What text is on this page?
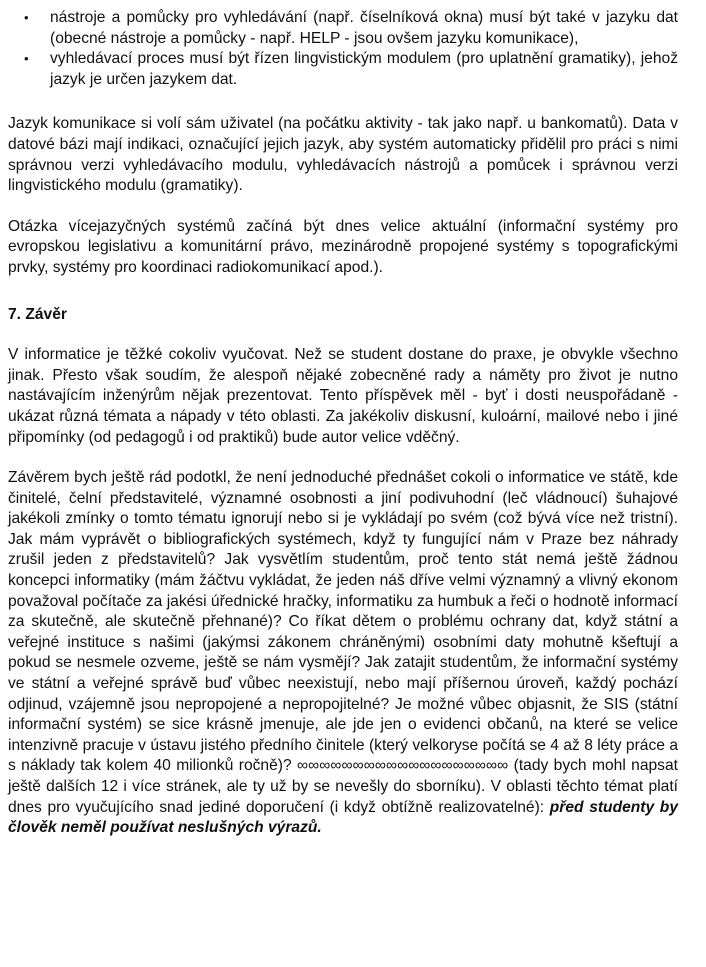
• nástroje a pomůcky pro vyhledávání (např. číselníková okna) musí být také v jazyku dat (obecné nástroje a pomůcky - např. HELP - jsou ovšem jazyku komunikace),
• vyhledávací proces musí být řízen lingvistickým modulem (pro uplatnění gramatiky), jehož jazyk je určen jazykem dat.

Jazyk komunikace si volí sám uživatel (na počátku aktivity - tak jako např. u bankomatů). Data v datové bázi mají indikaci, označující jejich jazyk, aby systém automaticky přidělil pro práci s nimi správnou verzi vyhledávacího modulu, vyhledávacích nástrojů a pomůcek i správnou verzi lingvistického modulu (gramatiky).

Otázka vícejazyčných systémů začíná být dnes velice aktuální (informační systémy pro evropskou legislativu a komunitární právo, mezinárodně propojené systémy s topografickými prvky, systémy pro koordinaci radiokomunikací apod.).

7. Závěr

V informatice je těžké cokoliv vyučovat. Než se student dostane do praxe, je obvykle všechno jinak. Přesto však soudím, že alespoň nějaké zobecněné rady a náměty pro život je nutno nastávajícím inženýrům nějak prezentovat. Tento příspěvek měl - byť i dosti neuspořádaně - ukázat různá témata a nápady v této oblasti. Za jakékoliv diskusní, kuloární, mailové nebo i jiné připomínky (od pedagogů i od praktiků) bude autor velice vděčný.

Závěrem bych ještě rád podotkl, že není jednoduché přednášet cokoli o informatice ve státě, kde činitelé, čelní představitelé, významné osobnosti a jiní podivuhodní (leč vládnoucí) šuhajové jakékoli zmínky o tomto tématu ignorují nebo si je vykládají po svém (což bývá více než tristní). Jak mám vyprávět o bibliografických systémech, když ty fungující nám v Praze bez náhrady zrušil jeden z představitelů? Jak vysvětlím studentům, proč tento stát nemá ještě žádnou koncepci informatiky (mám žáčtvu vykládat, že jeden náš dříve velmi významný a vlivný ekonom považoval počítače za jakési úřednické hračky, informatiku za humbuk a řeči o hodnotě informací za skutečně, ale skutečně přehnané)? Co říkat dětem o problému ochrany dat, když státní a veřejné instituce s našimi (jakýmsi zákonem chráněnými) osobními daty mohutně kšeftují a pokud se nesmele ozveme, ještě se nám vysmějí? Jak zatajit studentům, že informační systémy ve státní a veřejné správě buď vůbec neexistují, nebo mají příšernou úroveň, každý pochází odjinud, vzájemně jsou nepropojené a nepropojitelné? Je možné vůbec objasnit, že SIS (státní informační systém) se sice krásně jmenuje, ale jde jen o evidenci občanů, na které se velice intenzivně pracuje v ústavu jistého předního činitele (který velkoryse počítá se 4 až 8 léty práce a s náklady tak kolem 40 milionků ročně)? ∞∞∞∞∞∞∞∞∞∞∞∞∞∞∞∞∞∞∞ (tady bych mohl napsat ještě dalších 12 i více stránek, ale ty už by se nevešly do sborníku). V oblasti těchto témat platí dnes pro vyučujícího snad jediné doporučení (i když obtížně realizovatelné): před studenty by člověk neměl používat neslušných výrazů.
